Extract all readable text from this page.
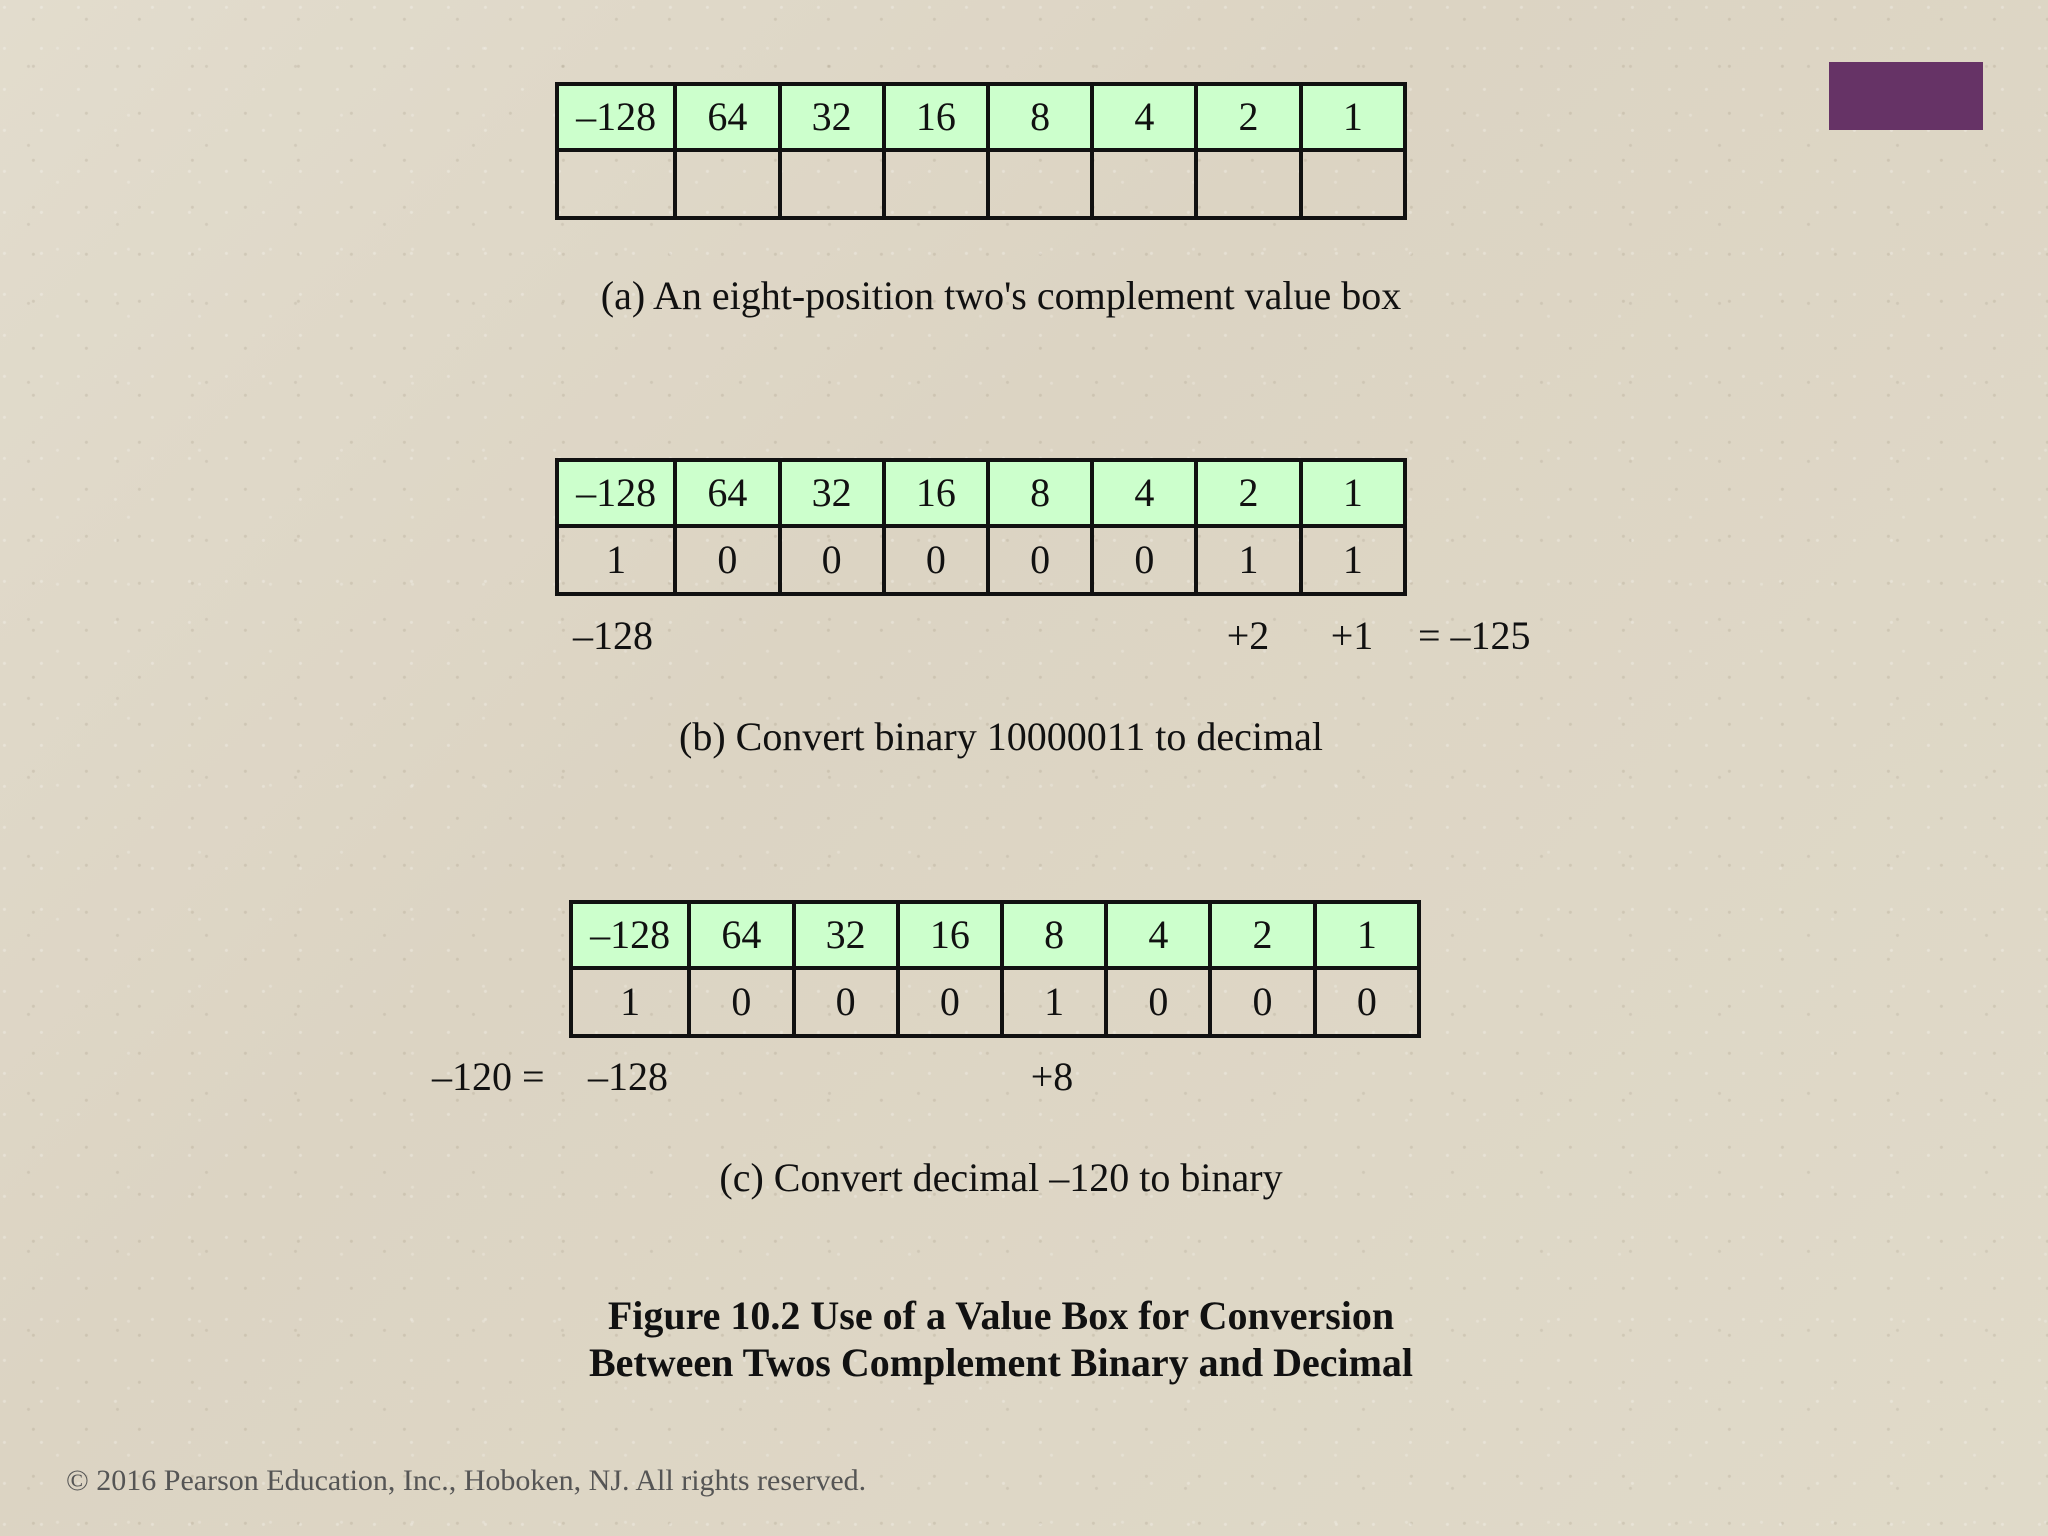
–128	64	32	16	8	4	2	1

(a) An eight-position two's complement value box
–128	64	32	16	8	4	2	1
1	0	0	0	0	0	1	1
–128	+2 +1 = –125
(b) Convert binary 10000011 to decimal
–128	64	32	16	8	4	2	1
1	0	0	0	1	0	0	0
–120 = –128	+8
(c) Convert decimal –120 to binary
Figure 10.2 Use of a Value Box for Conversion
Between Twos Complement Binary and Decimal
© 2016 Pearson Education, Inc., Hoboken, NJ. All rights reserved.
